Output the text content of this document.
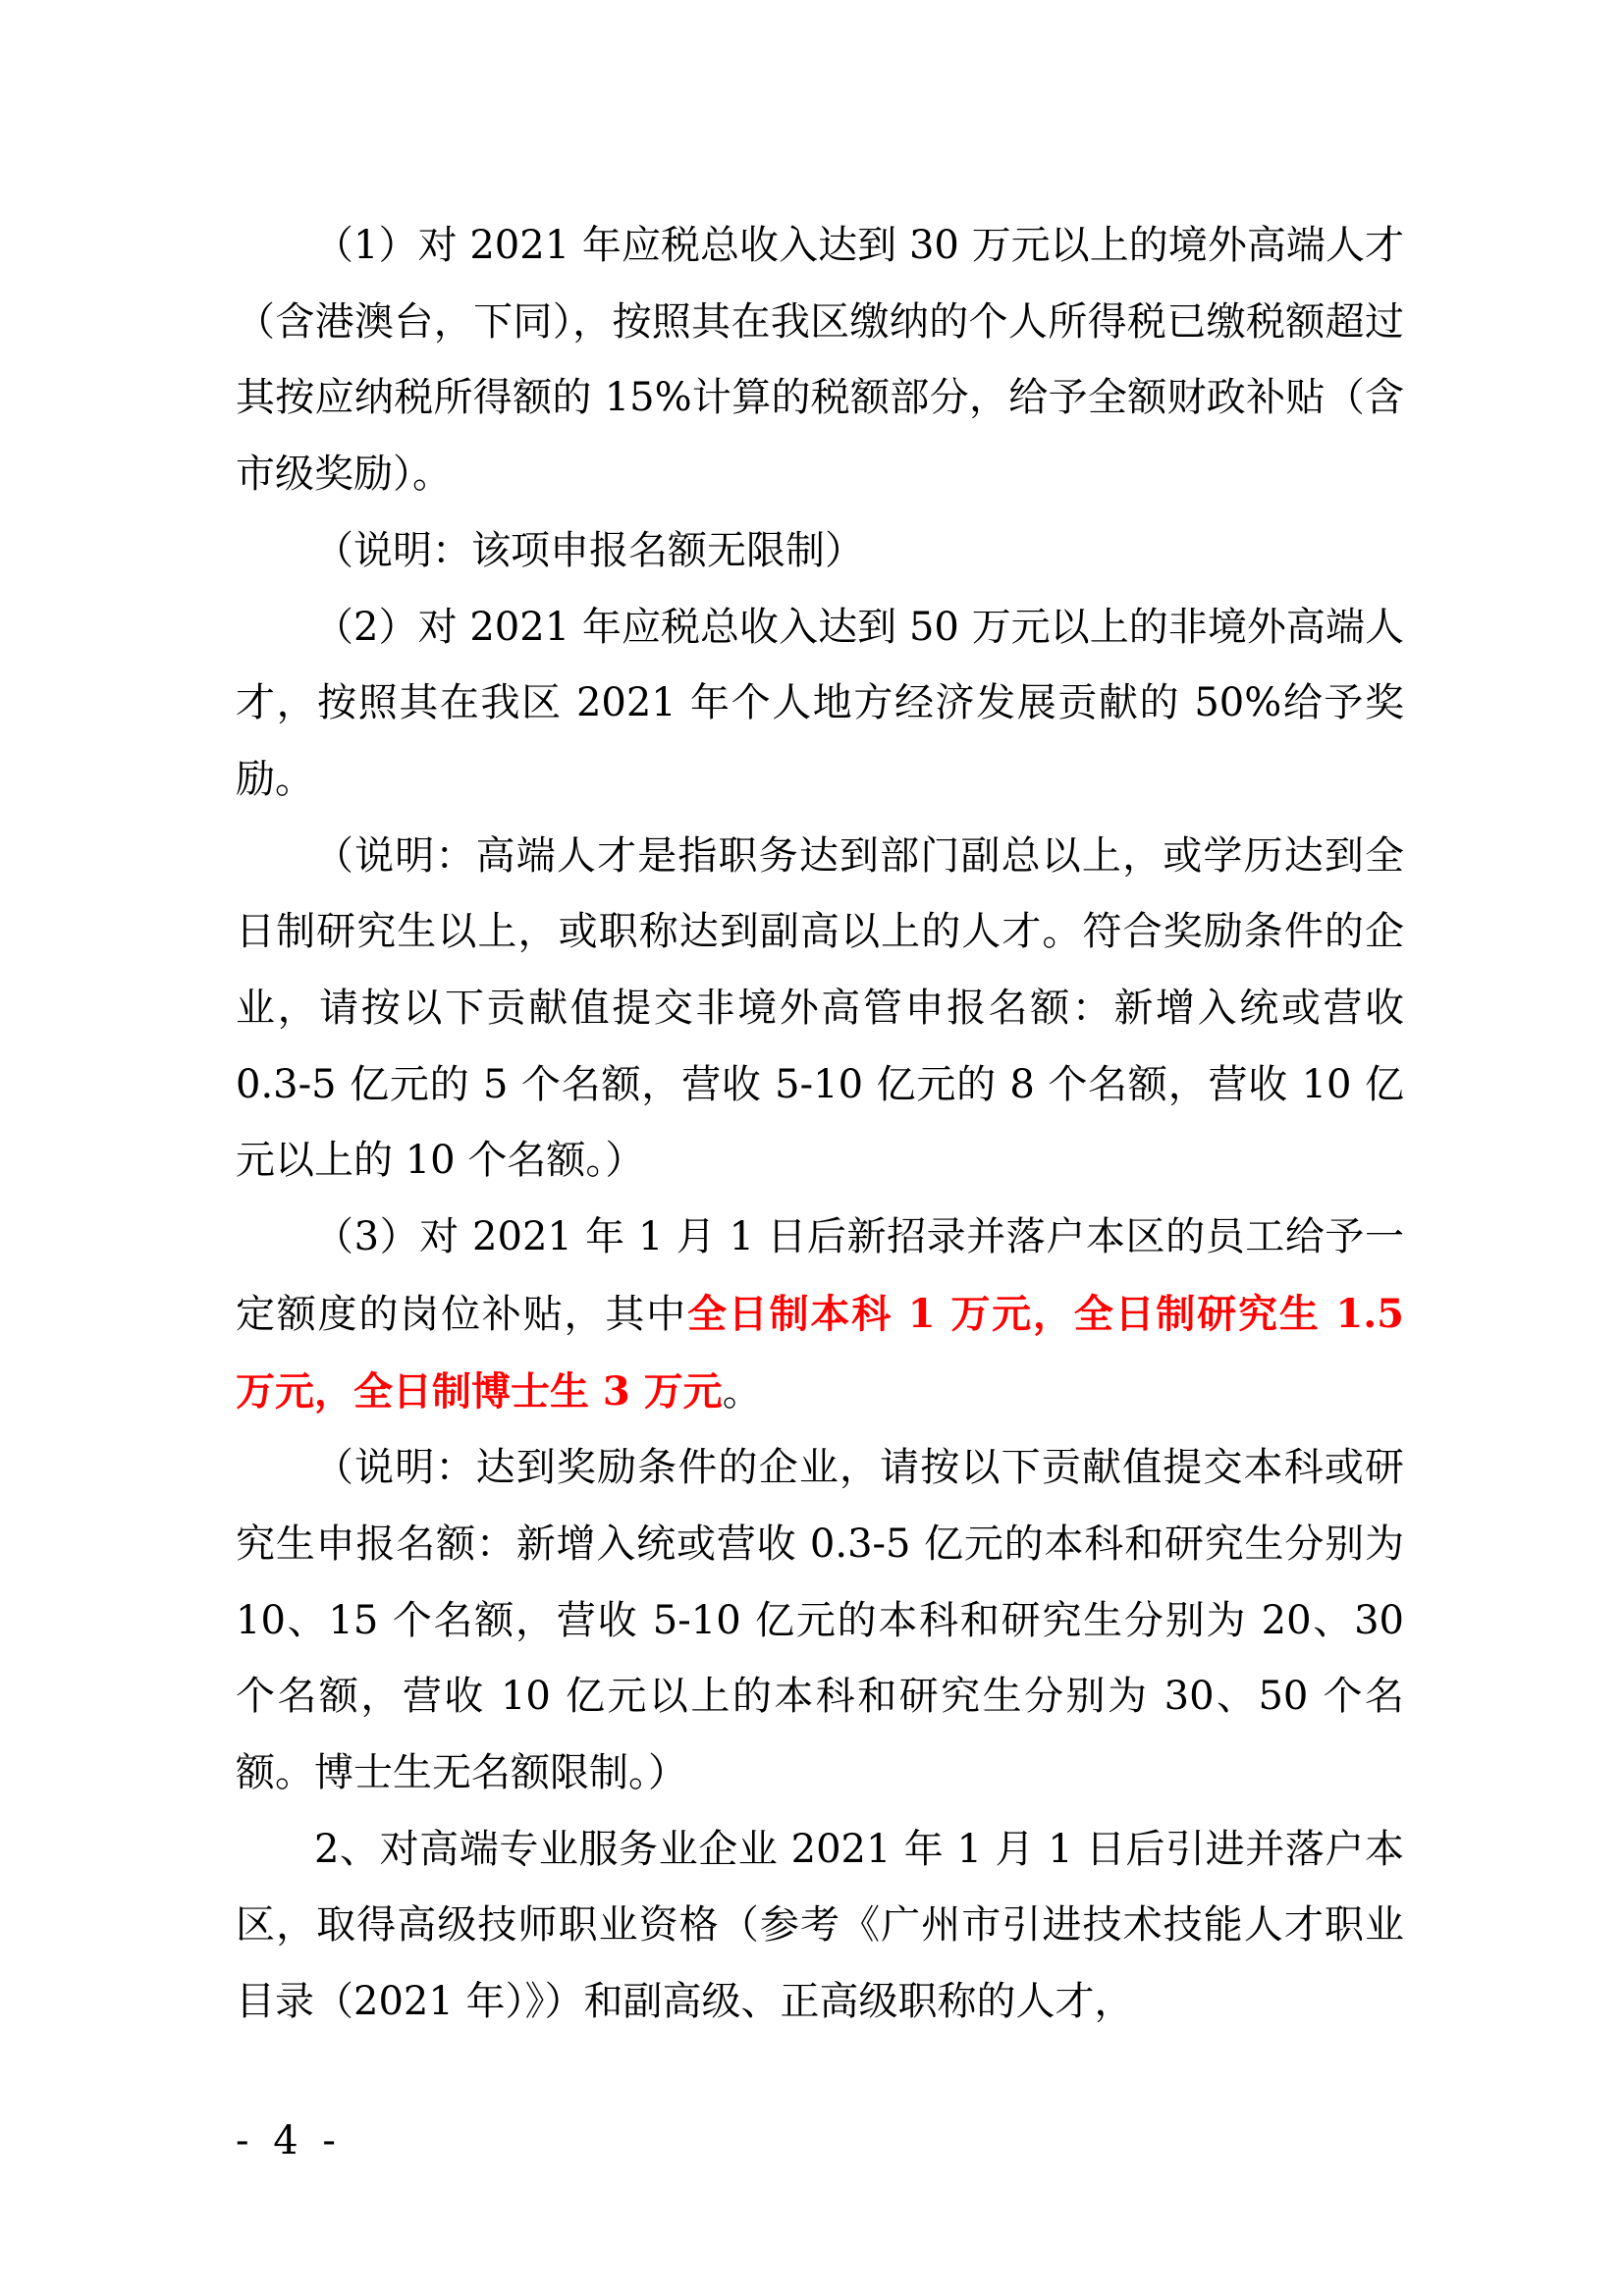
（1）对 2021 年应税总收入达到 30 万元以上的境外高端人才（含港澳台，下同），按照其在我区缴纳的个人所得税已缴税额超过其按应纳税所得额的 15%计算的税额部分，给予全额财政补贴（含市级奖励）。

（说明：该项申报名额无限制）

（2）对 2021 年应税总收入达到 50 万元以上的非境外高端人才，按照其在我区 2021 年个人地方经济发展贡献的 50%给予奖励。

（说明：高端人才是指职务达到部门副总以上，或学历达到全日制研究生以上，或职称达到副高以上的人才。符合奖励条件的企业，请按以下贡献值提交非境外高管申报名额：新增入统或营收 0.3-5 亿元的 5 个名额，营收 5-10 亿元的 8 个名额，营收 10 亿元以上的 10 个名额。）

（3）对 2021 年 1 月 1 日后新招录并落户本区的员工给予一定额度的岗位补贴，其中全日制本科 1 万元，全日制研究生 1.5 万元，全日制博士生 3 万元。

（说明：达到奖励条件的企业，请按以下贡献值提交本科或研究生申报名额：新增入统或营收 0.3-5 亿元的本科和研究生分别为 10、15 个名额，营收 5-10 亿元的本科和研究生分别为 20、30 个名额，营收 10 亿元以上的本科和研究生分别为 30、50 个名额。博士生无名额限制。）

2、对高端专业服务业企业 2021 年 1 月 1 日后引进并落户本区，取得高级技师职业资格（参考《广州市引进技术技能人才职业目录（2021 年）》）和副高级、正高级职称的人才，

- 4 -
